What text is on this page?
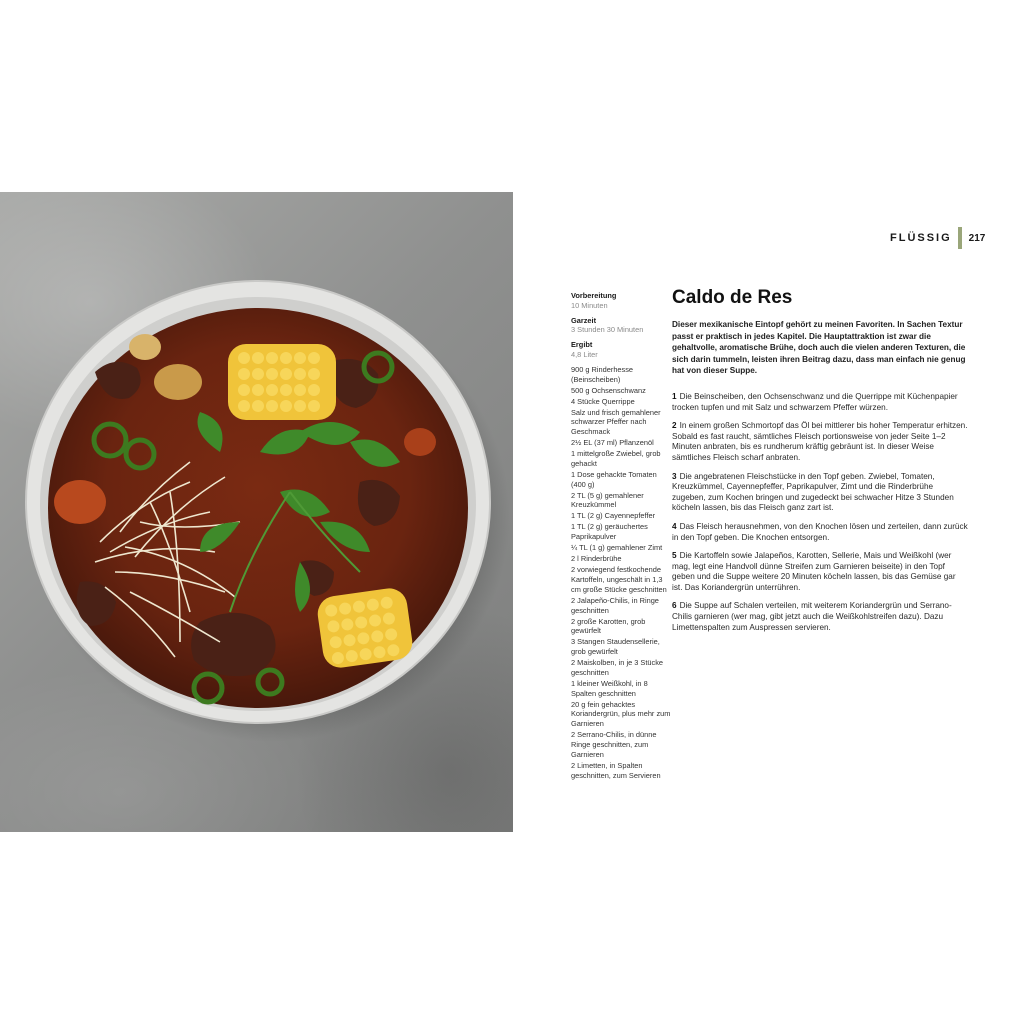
FLÜSSIG 217
Vorbereitung
10 Minuten
Garzeit
3 Stunden 30 Minuten
Ergibt
4,8 Liter
900 g Rinderhesse (Beinscheiben)
500 g Ochsenschwanz
4 Stücke Querrippe
Salz und frisch gemahlener schwarzer Pfeffer nach Geschmack
2½ EL (37 ml) Pflanzenöl
1 mittelgroße Zwiebel, grob gehackt
1 Dose gehackte Tomaten (400 g)
2 TL (5 g) gemahlener Kreuzkümmel
1 TL (2 g) Cayennepfeffer
1 TL (2 g) geräuchertes Paprikapulver
¼ TL (1 g) gemahlener Zimt
2 l Rinderbrühe
2 vorwiegend festkochende Kartoffeln, ungeschält in 1,3 cm große Stücke geschnitten
2 Jalapeño-Chilis, in Ringe geschnitten
2 große Karotten, grob gewürfelt
3 Stangen Staudensellerie, grob gewürfelt
2 Maiskolben, in je 3 Stücke geschnitten
1 kleiner Weißkohl, in 8 Spalten geschnitten
20 g fein gehacktes Koriandergrün, plus mehr zum Garnieren
2 Serrano-Chilis, in dünne Ringe geschnitten, zum Garnieren
2 Limetten, in Spalten geschnitten, zum Servieren
Caldo de Res

Dieser mexikanische Eintopf gehört zu meinen Favoriten. In Sachen Textur passt er praktisch in jedes Kapitel. Die Hauptattraktion ist zwar die gehaltvolle, aromatische Brühe, doch auch die vielen anderen Texturen, die sich darin tummeln, leisten ihren Beitrag dazu, dass man einfach nie genug hat von dieser Suppe.

1 Die Beinscheiben, den Ochsenschwanz und die Querrippe mit Küchenpapier trocken tupfen und mit Salz und schwarzem Pfeffer würzen.
2 In einem großen Schmortopf das Öl bei mittlerer bis hoher Temperatur erhitzen. Sobald es fast raucht, sämtliches Fleisch portionsweise von jeder Seite 1–2 Minuten anbraten, bis es rundherum kräftig gebräunt ist. In dieser Weise sämtliches Fleisch scharf anbraten.
3 Die angebratenen Fleischstücke in den Topf geben. Zwiebel, Tomaten, Kreuzkümmel, Cayennepfeffer, Paprikapulver, Zimt und die Rinderbrühe zugeben, zum Kochen bringen und zugedeckt bei schwacher Hitze 3 Stunden köcheln lassen, bis das Fleisch ganz zart ist.
4 Das Fleisch herausnehmen, von den Knochen lösen und zerteilen, dann zurück in den Topf geben. Die Knochen entsorgen.
5 Die Kartoffeln sowie Jalapeños, Karotten, Sellerie, Mais und Weißkohl (wer mag, legt eine Handvoll dünne Streifen zum Garnieren beiseite) in den Topf geben und die Suppe weitere 20 Minuten köcheln lassen, bis das Gemüse gar ist. Das Koriandergrün unterrühren.
6 Die Suppe auf Schalen verteilen, mit weiterem Koriandergrün und Serrano-Chilis garnieren (wer mag, gibt jetzt auch die Weißkohlstreifen dazu). Dazu Limettenspalten zum Auspressen servieren.
